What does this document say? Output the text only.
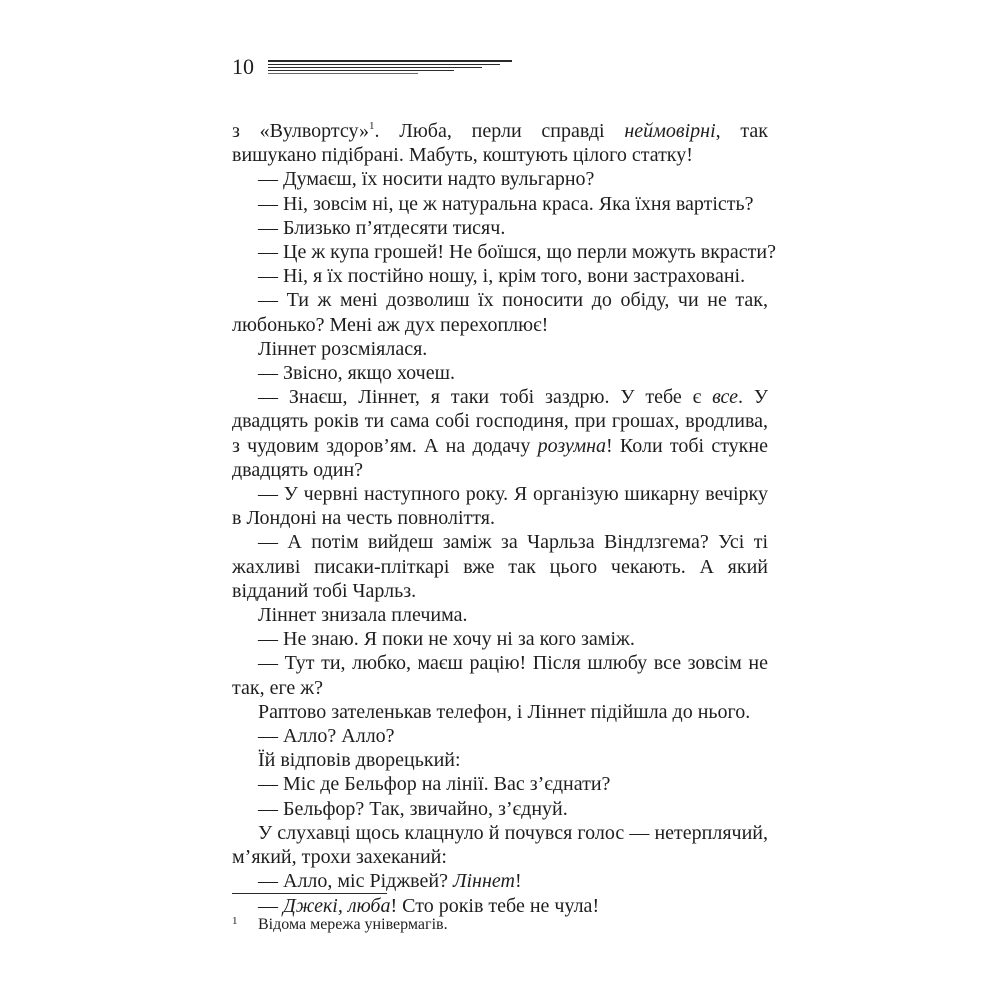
10

з «Вулвортсу»$^1$. Люба, перли справді неймовірні, так вишукано підібрані. Мабуть, коштують цілого статку!

— Думаєш, їх носити надто вульгарно?

— Ні, зовсім ні, це ж натуральна краса. Яка їхня вартість?

— Близько п’ятдесяти тисяч.

— Це ж купа грошей! Не боїшся, що перли можуть вкрасти?

— Ні, я їх постійно ношу, і, крім того, вони застраховані.

— Ти ж мені дозволиш їх поносити до обіду, чи не так, любонько? Мені аж дух перехоплює!

Ліннет розсміялася.

— Звісно, якщо хочеш.

— Знаєш, Ліннет, я таки тобі заздрю. У тебе є все. У двадцять років ти сама собі господиня, при грошах, вродлива, з чудовим здоров’ям. А на додачу розумна! Коли тобі стукне двадцять один?

— У червні наступного року. Я організую шикарну вечірку в Лондоні на честь повноліття.

— А потім вийдеш заміж за Чарльза Віндлзгема? Усі ті жахливі писаки-пліткарі вже так цього чекають. А який відданий тобі Чарльз.

Ліннет знизала плечима.

— Не знаю. Я поки не хочу ні за кого заміж.

— Тут ти, любко, маєш рацію! Після шлюбу все зовсім не так, еге ж?

Раптово зателенькав телефон, і Ліннет підійшла до нього.

— Алло? Алло?

Їй відповів дворецький:

— Міс де Бельфор на лінії. Вас з’єднати?

— Бельфор? Так, звичайно, з’єднуй.

У слухавці щось клацнуло й почувся голос — нетерплячий, м’який, трохи захеканий:

— Алло, міс Ріджвей? Ліннет!

— Джекі, люба! Сто років тебе не чула!

1 Відома мережа універмагів.
